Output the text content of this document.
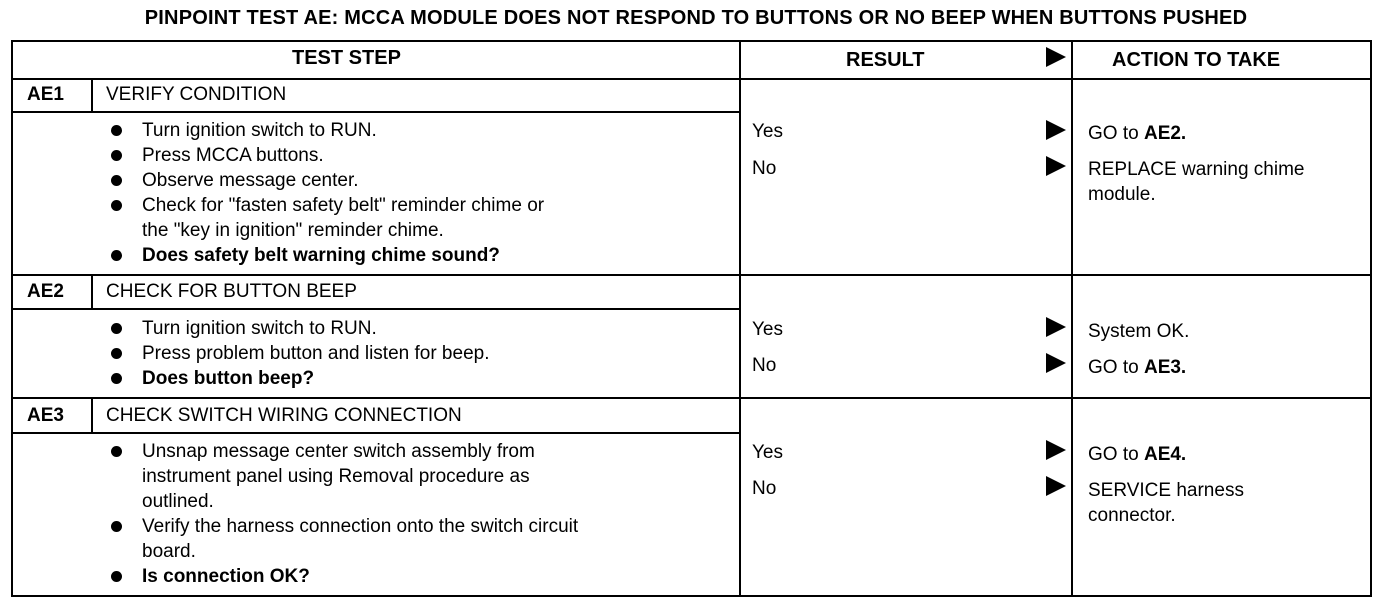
PINPOINT TEST AE: MCCA MODULE DOES NOT RESPOND TO BUTTONS OR NO BEEP WHEN BUTTONS PUSHED
TEST STEP	RESULT	ACTION TO TAKE
AE1 VERIFY CONDITION
Turn ignition switch to RUN.
Press MCCA buttons.
Observe message center.
Check for "fasten safety belt" reminder chime or
the "key in ignition" reminder chime.
Does safety belt warning chime sound?
Yes	GO to AE2.
No	REPLACE warning chime
module.
AE2 CHECK FOR BUTTON BEEP
Turn ignition switch to RUN.
Press problem button and listen for beep.
Does button beep?
Yes	System OK.
No	GO to AE3.
AE3 CHECK SWITCH WIRING CONNECTION
Unsnap message center switch assembly from
instrument panel using Removal procedure as
outlined.
Verify the harness connection onto the switch circuit
board.
Is connection OK?
Yes	GO to AE4.
No	SERVICE harness
connector.
